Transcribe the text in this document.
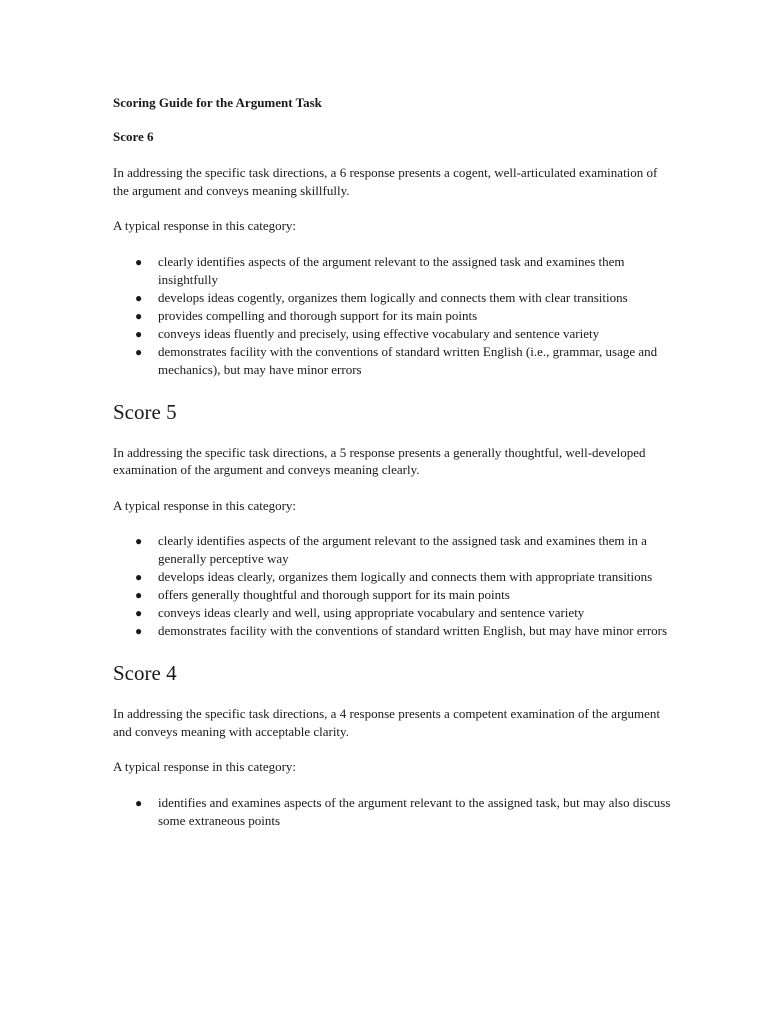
Scoring Guide for the Argument Task
Score 6

In addressing the specific task directions, a 6 response presents a cogent, well-articulated examination of the argument and conveys meaning skillfully.

A typical response in this category:

● clearly identifies aspects of the argument relevant to the assigned task and examines them insightfully
● develops ideas cogently, organizes them logically and connects them with clear transitions
● provides compelling and thorough support for its main points
● conveys ideas fluently and precisely, using effective vocabulary and sentence variety
● demonstrates facility with the conventions of standard written English (i.e., grammar, usage and mechanics), but may have minor errors
Score 5

In addressing the specific task directions, a 5 response presents a generally thoughtful, well-developed examination of the argument and conveys meaning clearly.

A typical response in this category:

● clearly identifies aspects of the argument relevant to the assigned task and examines them in a generally perceptive way
● develops ideas clearly, organizes them logically and connects them with appropriate transitions
● offers generally thoughtful and thorough support for its main points
● conveys ideas clearly and well, using appropriate vocabulary and sentence variety
● demonstrates facility with the conventions of standard written English, but may have minor errors
Score 4

In addressing the specific task directions, a 4 response presents a competent examination of the argument and conveys meaning with acceptable clarity.

A typical response in this category:

● identifies and examines aspects of the argument relevant to the assigned task, but may also discuss some extraneous points
